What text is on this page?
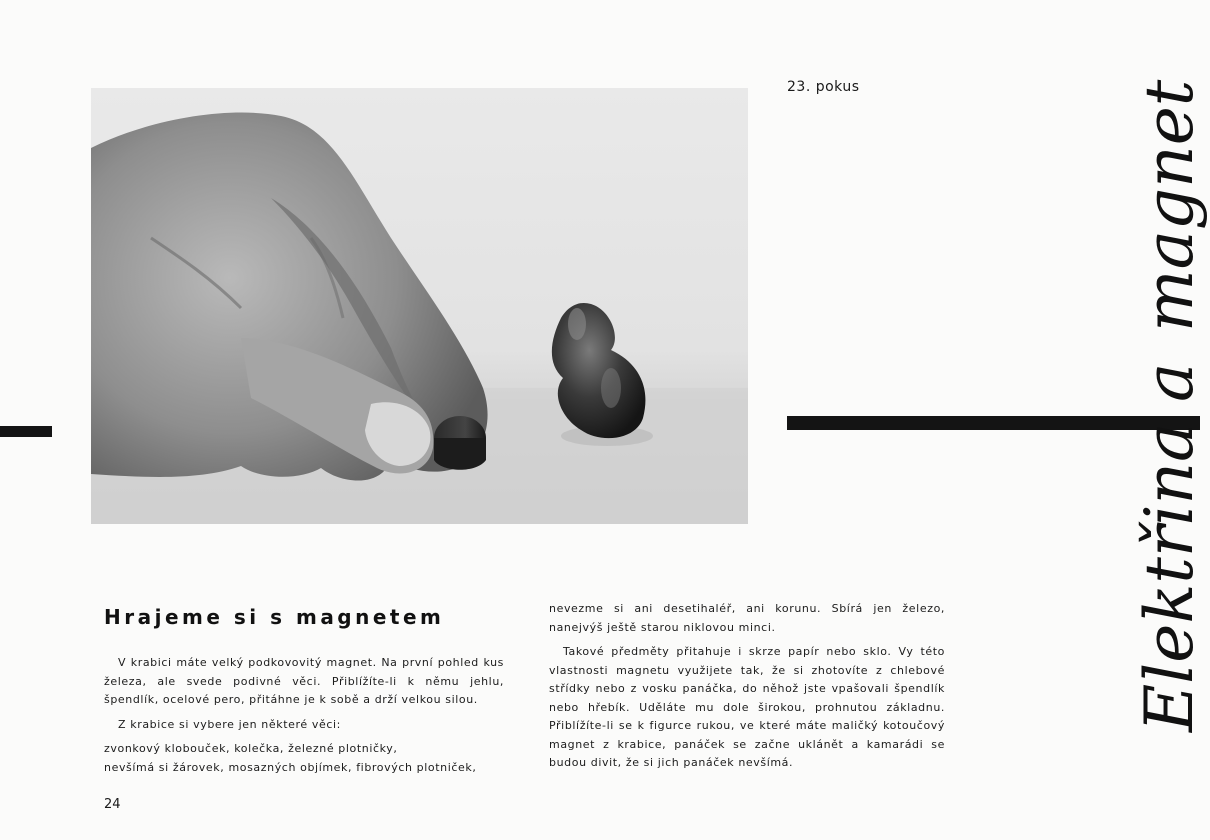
23. pokus
Elektřina
a
magnet
Hrajeme si s magnetem

V krabici máte velký podkovovitý magnet. Na první pohled kus železa, ale svede podivné věci. Přiblížíte-li k němu jehlu, špendlík, ocelové pero, přitáhne je k sobě a drží velkou silou.

Z krabice si vybere jen některé věci:

zvonkový klobouček, kolečka, železné plotničky,

nevšímá si žárovek, mosazných objímek, fibrových plotniček,

nevezme si ani desetihaléř, ani korunu. Sbírá jen železo, nanejvýš ještě starou niklovou minci.

Takové předměty přitahuje i skrze papír nebo sklo. Vy této vlastnosti magnetu využijete tak, že si zhotovíte z chlebové střídky nebo z vosku panáčka, do něhož jste vpašovali špendlík nebo hřebík. Uděláte mu dole širokou, prohnutou základnu. Přiblížíte-li se k figurce rukou, ve které máte maličký kotoučový magnet z krabice, panáček se začne uklánět a kamarádi se budou divit, že si jich panáček nevšímá.

24
